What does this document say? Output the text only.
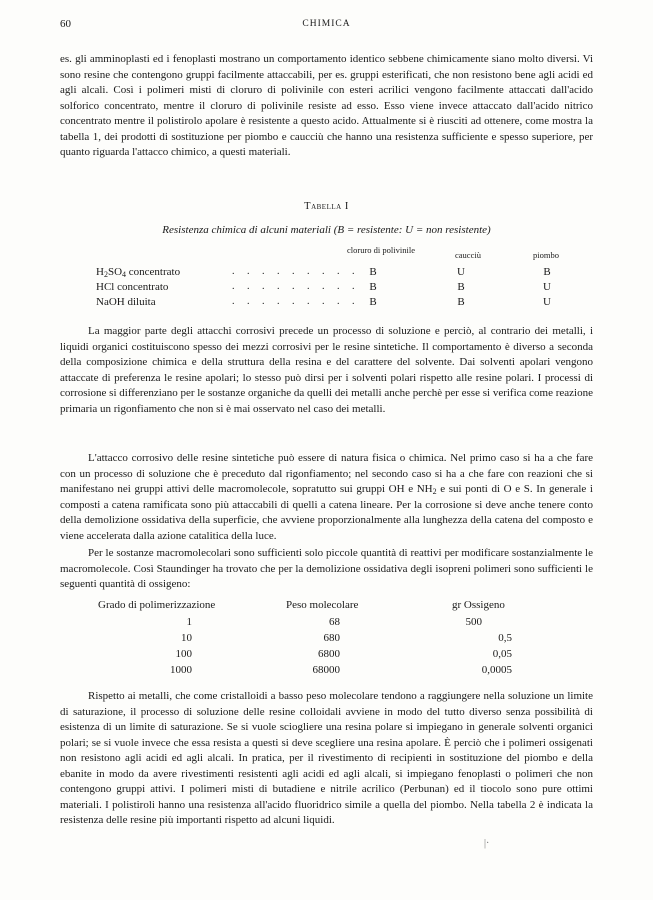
60	CHIMICA

es. gli amminoplasti ed i fenoplasti mostrano un comportamento identico sebbene chimicamente siano molto diversi. Vi sono resine che contengono gruppi facilmente attaccabili, per es. gruppi esterificati, che non resistono bene agli acidi ed agli alcali. Così i polimeri misti di cloruro di polivinile con esteri acrilici vengono facilmente attaccati dall'acido solforico concentrato, mentre il cloruro di polivinile resiste ad esso. Esso viene invece attaccato dall'acido nitrico concentrato mentre il polistirolo apolare è resistente a questo acido. Attualmente si è riusciti ad ottenere, come mostra la tabella 1, dei prodotti di sostituzione per piombo e caucciù che hanno una resistenza sufficiente e spesso superiore, per quanto riguarda l'attacco chimico, a questi materiali.

Tabella I
Resistenza chimica di alcuni materiali (B = resistente: U = non resistente)
cloruro di polivinile	caucciù	piombo
H2SO4 concentrato	. . . . . . . . . B	U	B
HCl concentrato	. . . . . . . . . B	B	U
NaOH diluita	. . . . . . . . . B	B	U

La maggior parte degli attacchi corrosivi precede un processo di soluzione e perciò, al contrario dei metalli, i liquidi organici costituiscono spesso dei mezzi corrosivi per le resine sintetiche. Il comportamento è diverso a seconda della composizione chimica e della struttura della resina e del carattere del solvente. Dai solventi apolari vengono attaccate di preferenza le resine apolari; lo stesso può dirsi per i solventi polari rispetto alle resine polari. I processi di corrosione si differenziano per le sostanze organiche da quelli dei metalli anche perchè per esse si verifica come reazione primaria un rigonfiamento che non si è mai osservato nel caso dei metalli.

L'attacco corrosivo delle resine sintetiche può essere di natura fisica o chimica. Nel primo caso si ha a che fare con un processo di soluzione che è preceduto dal rigonfiamento; nel secondo caso si ha a che fare con reazioni che si manifestano nei gruppi attivi delle macromolecole, sopratutto sui gruppi OH e $NH_2$ e sui ponti di O e S. In generale i composti a catena ramificata sono più attaccabili di quelli a catena lineare. Per la corrosione si deve anche tenere conto della demolizione ossidativa della superficie, che avviene proporzionalmente alla lunghezza della catena del composto e viene accelerata dalla azione catalitica della luce.

Per le sostanze macromolecolari sono sufficienti solo piccole quantità di reattivi per modificare sostanzialmente le macromolecole. Così Staundinger ha trovato che per la demolizione ossidativa degli isopreni polimeri sono sufficienti le seguenti quantità di ossigeno:

Grado di polimerizzazione	Peso molecolare	gr Ossigeno
1	68	500
10	680	0,5
100	6800	0,05
1000	68000	0,0005

Rispetto ai metalli, che come cristalloidi a basso peso molecolare tendono a raggiungere nella soluzione un limite di saturazione, il processo di soluzione delle resine colloidali avviene in modo del tutto diverso senza possibilità di esistenza di un limite di saturazione. Se si vuole sciogliere una resina polare si impiegano in generale solventi organici polari; se si vuole invece che essa resista a questi si deve scegliere una resina apolare. È perciò che i polimeri ossigenati non resistono agli acidi ed agli alcali. In pratica, per il rivestimento di recipienti in sostituzione del piombo e della ebanite in modo da avere rivestimenti resistenti agli acidi ed agli alcali, si impiegano fenoplasti o polimeri che non contengono gruppi attivi. I polimeri misti di butadiene e nitrile acrilico (Perbunan) ed il tiocolo sono pure ottimi materiali. I polistiroli hanno una resistenza all'acido fluoridrico simile a quella del piombo. Nella tabella 2 è indicata la resistenza delle resine più importanti rispetto ad alcuni liquidi.

|·
